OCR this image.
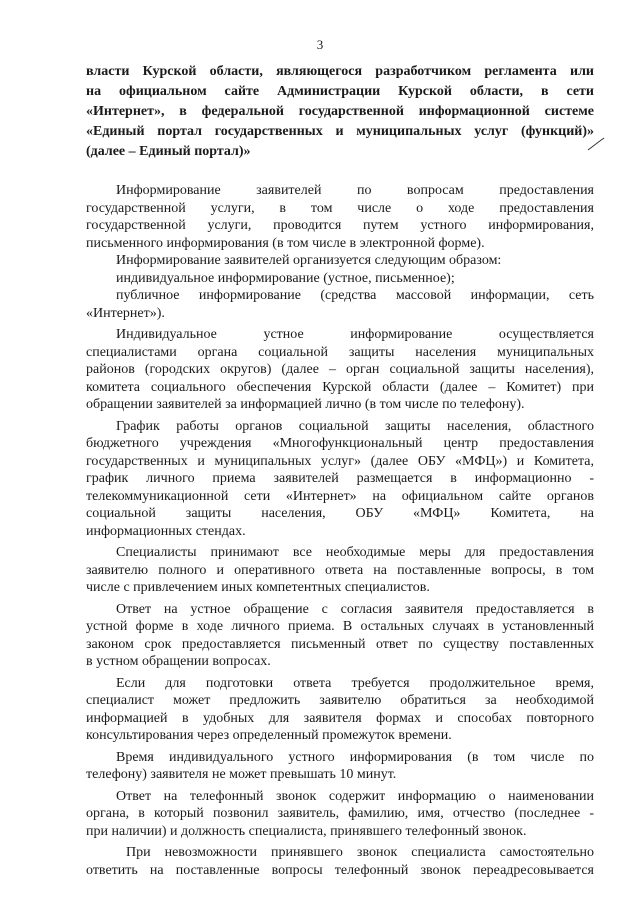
3
власти Курской области, являющегося разработчиком регламента или
на официальном сайте Администрации Курской области, в сети
«Интернет», в федеральной государственной информационной системе
«Единый портал государственных и муниципальных услуг (функций)»
(далее – Единый портал)»
Информирование заявителей по вопросам предоставления
государственной услуги, в том числе о ходе предоставления
государственной услуги, проводится путем устного информирования,
письменного информирования (в том числе в электронной форме).
Информирование заявителей организуется следующим образом:
индивидуальное информирование (устное, письменное);
публичное информирование (средства массовой информации, сеть
«Интернет»).
Индивидуальное устное информирование осуществляется
специалистами органа социальной защиты населения муниципальных
районов (городских округов) (далее – орган социальной защиты населения),
комитета социального обеспечения Курской области (далее – Комитет) при
обращении заявителей за информацией лично (в том числе по телефону).
График работы органов социальной защиты населения, областного
бюджетного учреждения «Многофункциональный центр предоставления
государственных и муниципальных услуг» (далее ОБУ «МФЦ») и Комитета,
график личного приема заявителей размещается в информационно -
телекоммуникационной сети «Интернет» на официальном сайте органов
социальной защиты населения, ОБУ «МФЦ» Комитета, на
информационных стендах.
Специалисты принимают все необходимые меры для предоставления
заявителю полного и оперативного ответа на поставленные вопросы, в том
числе с привлечением иных компетентных специалистов.
Ответ на устное обращение с согласия заявителя предоставляется в
устной форме в ходе личного приема. В остальных случаях в установленный
законом срок предоставляется письменный ответ по существу поставленных
в устном обращении вопросах.
Если для подготовки ответа требуется продолжительное время,
специалист может предложить заявителю обратиться за необходимой
информацией в удобных для заявителя формах и способах повторного
консультирования через определенный промежуток времени.
Время индивидуального устного информирования (в том числе по
телефону) заявителя не может превышать 10 минут.
Ответ на телефонный звонок содержит информацию о наименовании
органа, в который позвонил заявитель, фамилию, имя, отчество (последнее -
при наличии) и должность специалиста, принявшего телефонный звонок.
При невозможности принявшего звонок специалиста самостоятельно
ответить на поставленные вопросы телефонный звонок переадресовывается
